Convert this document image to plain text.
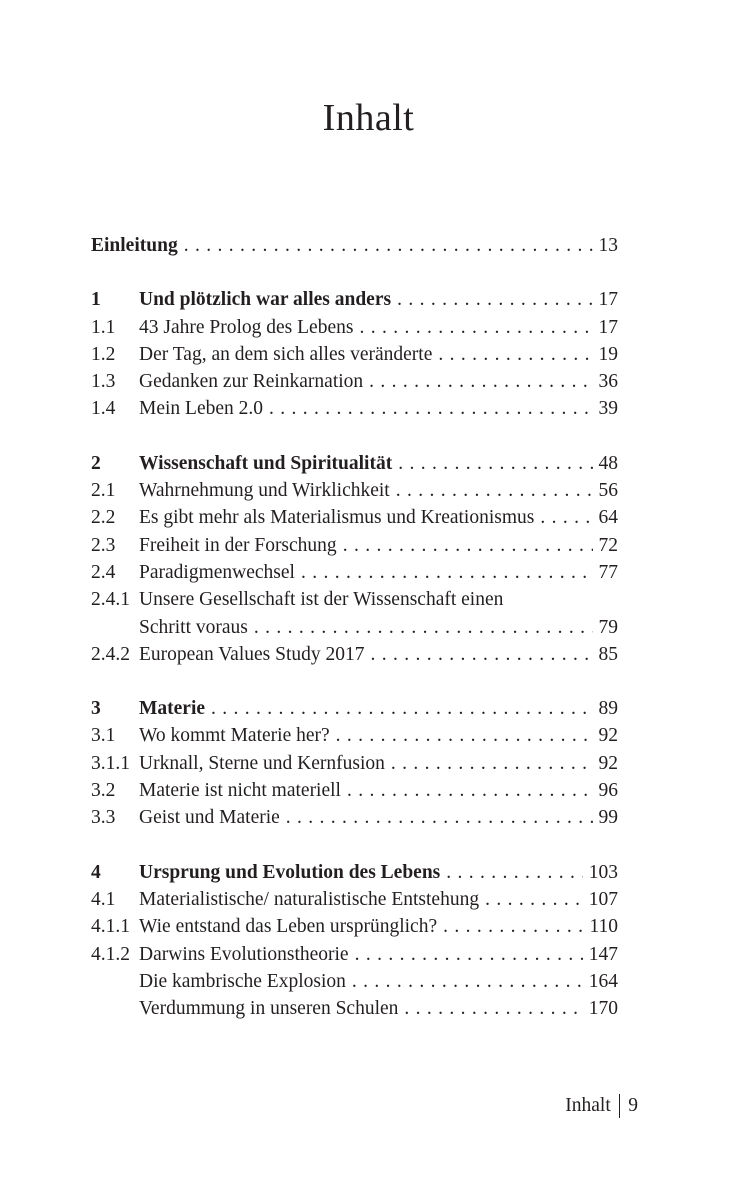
Inhalt
Einleitung . . .	13
1	Und plötzlich war alles anders . . .	17
1.1	43 Jahre Prolog des Lebens . . .	17
1.2	Der Tag, an dem sich alles veränderte . . .	19
1.3	Gedanken zur Reinkarnation . . .	36
1.4	Mein Leben 2.0 . . .	39
2	Wissenschaft und Spiritualität . . .	48
2.1	Wahrnehmung und Wirklichkeit . . .	56
2.2	Es gibt mehr als Materialismus und Kreationismus . . .	64
2.3	Freiheit in der Forschung . . .	72
2.4	Paradigmenwechsel . . .	77
2.4.1 Unsere Gesellschaft ist der Wissenschaft einen
Schritt voraus . . .	79
2.4.2 European Values Study 2017 . . .	85
3	Materie . . .	89
3.1	Wo kommt Materie her? . . .	92
3.1.1 Urknall, Sterne und Kernfusion . . .	92
3.2	Materie ist nicht materiell . . .	96
3.3	Geist und Materie . . .	99
4	Ursprung und Evolution des Lebens . . .	103
4.1	Materialistische/ naturalistische Entstehung . . .	107
4.1.1 Wie entstand das Leben ursprünglich? . . .	110
4.1.2 Darwins Evolutionstheorie . . .	147
Die kambrische Explosion . . .	164
Verdummung in unseren Schulen . . .	170
Inhalt 9
